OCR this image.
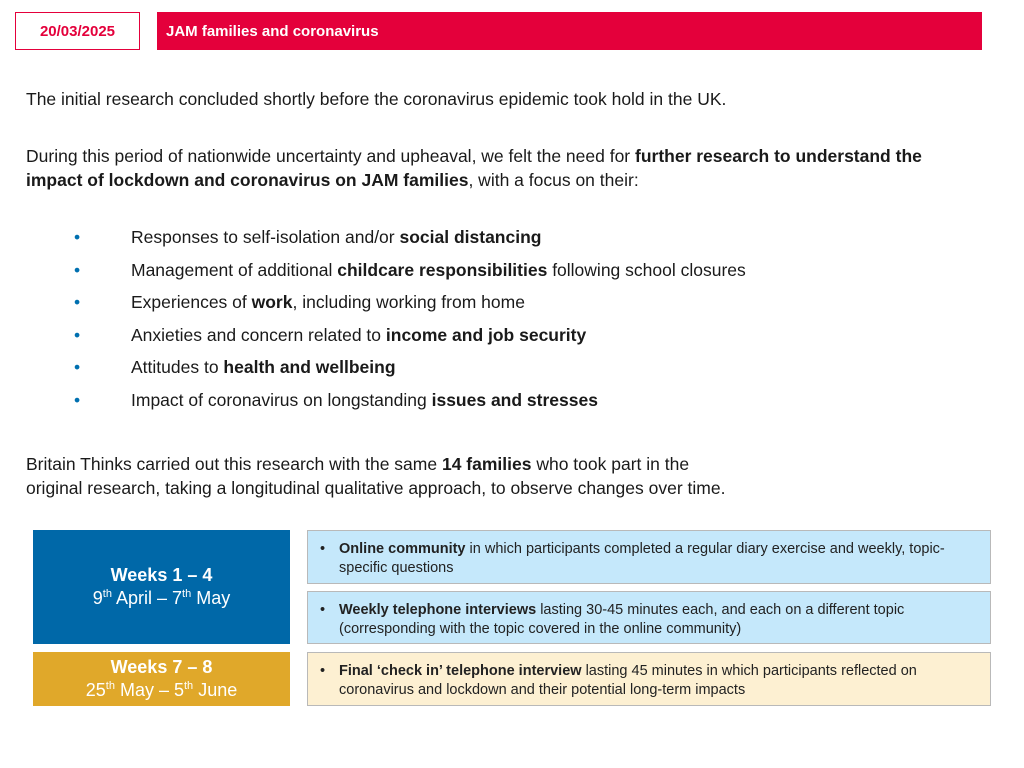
20/03/2025	JAM families and coronavirus
The initial research concluded shortly before the coronavirus epidemic took hold in the UK.
During this period of nationwide uncertainty and upheaval, we felt the need for further research to understand the impact of lockdown and coronavirus on JAM families, with a focus on their:
•	Responses to self-isolation and/or social distancing
•	Management of additional childcare responsibilities following school closures
•	Experiences of work, including working from home
•	Anxieties and concern related to income and job security
•	Attitudes to health and wellbeing
•	Impact of coronavirus on longstanding issues and stresses
Britain Thinks carried out this research with the same 14 families who took part in the
original research, taking a longitudinal qualitative approach, to observe changes over time.
Weeks 1 – 4
9th April – 7th May
Weeks 7 – 8
25th May – 5th June
• Online community in which participants completed a regular diary exercise and weekly, topic-specific questions
• Weekly telephone interviews lasting 30-45 minutes each, and each on a different topic (corresponding with the topic covered in the online community)
• Final ‘check in’ telephone interview lasting 45 minutes in which participants reflected on coronavirus and lockdown and their potential long-term impacts
